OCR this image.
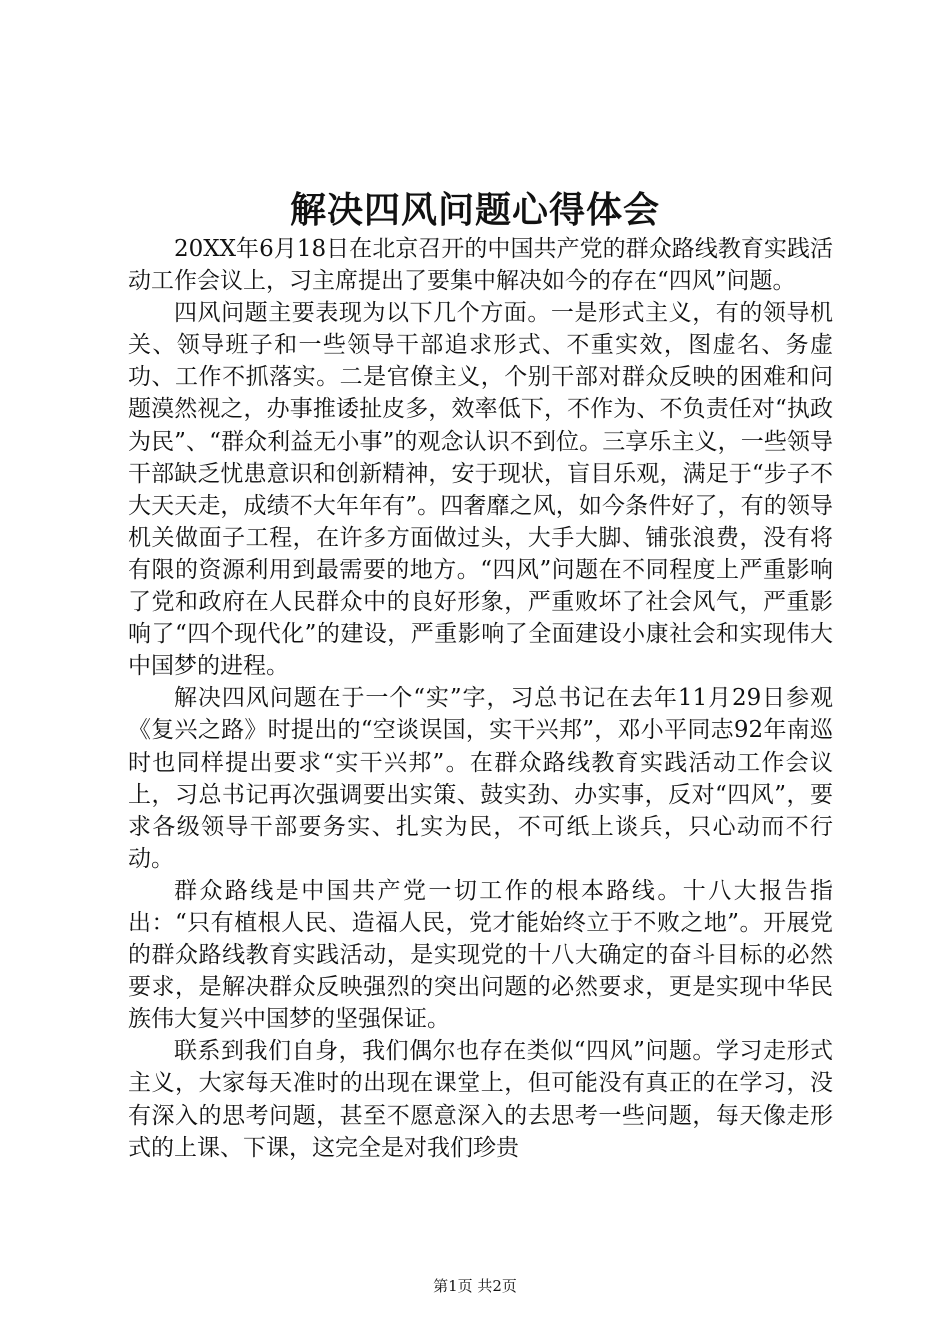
解决四风问题心得体会

20XX年6月18日在北京召开的中国共产党的群众路线教育实践活动工作会议上，习主席提出了要集中解决如今的存在“四风”问题。

四风问题主要表现为以下几个方面。一是形式主义，有的领导机关、领导班子和一些领导干部追求形式、不重实效，图虚名、务虚功、工作不抓落实。二是官僚主义，个别干部对群众反映的困难和问题漠然视之，办事推诿扯皮多，效率低下，不作为、不负责任对“执政为民”、“群众利益无小事”的观念认识不到位。三享乐主义，一些领导干部缺乏忧患意识和创新精神，安于现状，盲目乐观，满足于“步子不大天天走，成绩不大年年有”。四奢靡之风，如今条件好了，有的领导机关做面子工程，在许多方面做过头，大手大脚、铺张浪费，没有将有限的资源利用到最需要的地方。“四风”问题在不同程度上严重影响了党和政府在人民群众中的良好形象，严重败坏了社会风气，严重影响了“四个现代化”的建设，严重影响了全面建设小康社会和实现伟大中国梦的进程。

解决四风问题在于一个“实”字，习总书记在去年11月29日参观《复兴之路》时提出的“空谈误国，实干兴邦”，邓小平同志92年南巡时也同样提出要求“实干兴邦”。在群众路线教育实践活动工作会议上，习总书记再次强调要出实策、鼓实劲、办实事，反对“四风”，要求各级领导干部要务实、扎实为民，不可纸上谈兵，只心动而不行动。

群众路线是中国共产党一切工作的根本路线。十八大报告指出：“只有植根人民、造福人民，党才能始终立于不败之地”。开展党的群众路线教育实践活动，是实现党的十八大确定的奋斗目标的必然要求，是解决群众反映强烈的突出问题的必然要求，更是实现中华民族伟大复兴中国梦的坚强保证。

联系到我们自身，我们偶尔也存在类似“四风”问题。学习走形式主义，大家每天准时的出现在课堂上，但可能没有真正的在学习，没有深入的思考问题，甚至不愿意深入的去思考一些问题，每天像走形式的上课、下课，这完全是对我们珍贵

第1页 共2页
